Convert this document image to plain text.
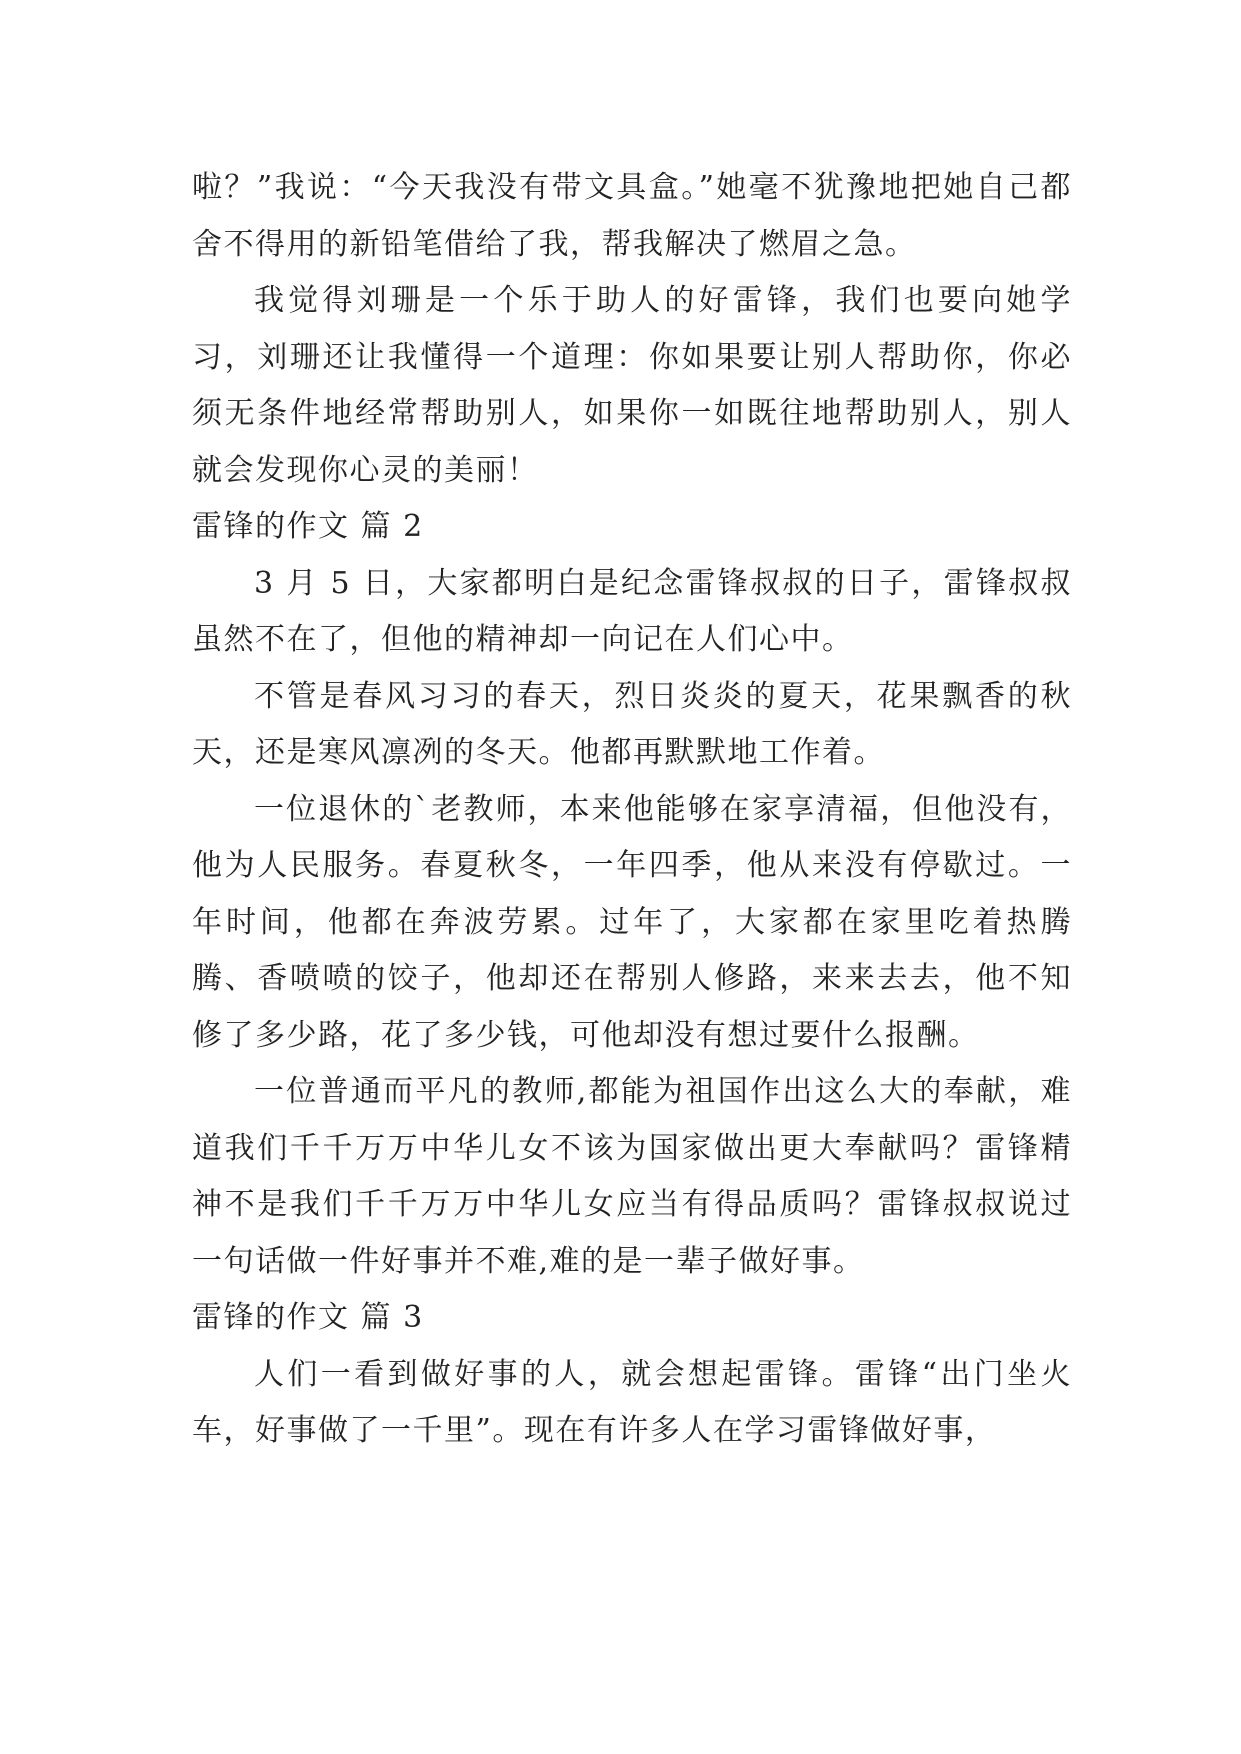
啦？”我说：“今天我没有带文具盒。”她毫不犹豫地把她自己都舍不得用的新铅笔借给了我，帮我解决了燃眉之急。

我觉得刘珊是一个乐于助人的好雷锋，我们也要向她学习，刘珊还让我懂得一个道理：你如果要让别人帮助你，你必须无条件地经常帮助别人，如果你一如既往地帮助别人，别人就会发现你心灵的美丽！

雷锋的作文 篇 2

3 月 5 日，大家都明白是纪念雷锋叔叔的日子，雷锋叔叔虽然不在了，但他的精神却一向记在人们心中。

不管是春风习习的春天，烈日炎炎的夏天，花果飘香的秋天，还是寒风凛冽的冬天。他都再默默地工作着。

一位退休的`老教师，本来他能够在家享清福，但他没有，他为人民服务。春夏秋冬，一年四季，他从来没有停歇过。一年时间，他都在奔波劳累。过年了，大家都在家里吃着热腾腾、香喷喷的饺子，他却还在帮别人修路，来来去去，他不知修了多少路，花了多少钱，可他却没有想过要什么报酬。

一位普通而平凡的教师,都能为祖国作出这么大的奉献，难道我们千千万万中华儿女不该为国家做出更大奉献吗？雷锋精神不是我们千千万万中华儿女应当有得品质吗？雷锋叔叔说过一句话做一件好事并不难,难的是一辈子做好事。

雷锋的作文 篇 3

人们一看到做好事的人，就会想起雷锋。雷锋“出门坐火车，好事做了一千里”。现在有许多人在学习雷锋做好事，
